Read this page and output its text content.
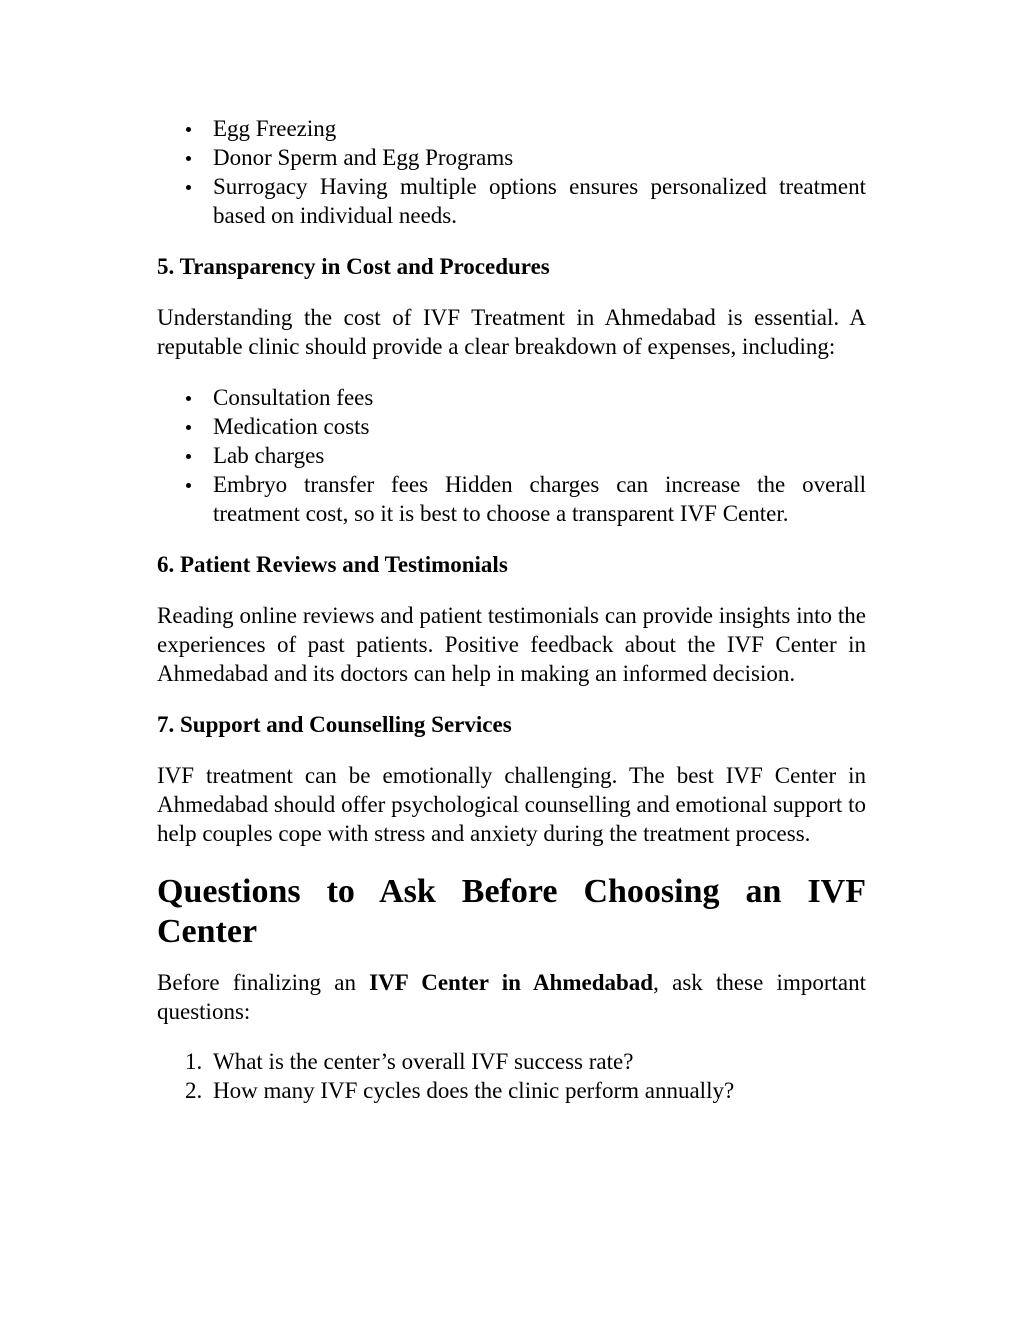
Egg Freezing
Donor Sperm and Egg Programs
Surrogacy Having multiple options ensures personalized treatment based on individual needs.
5. Transparency in Cost and Procedures

Understanding the cost of IVF Treatment in Ahmedabad is essential. A reputable clinic should provide a clear breakdown of expenses, including:

Consultation fees
Medication costs
Lab charges
Embryo transfer fees Hidden charges can increase the overall treatment cost, so it is best to choose a transparent IVF Center.
6. Patient Reviews and Testimonials

Reading online reviews and patient testimonials can provide insights into the experiences of past patients. Positive feedback about the IVF Center in Ahmedabad and its doctors can help in making an informed decision.

7. Support and Counselling Services

IVF treatment can be emotionally challenging. The best IVF Center in Ahmedabad should offer psychological counselling and emotional support to help couples cope with stress and anxiety during the treatment process.

Questions to Ask Before Choosing an IVF Center

Before finalizing an IVF Center in Ahmedabad, ask these important questions:

1. What is the center’s overall IVF success rate?
2. How many IVF cycles does the clinic perform annually?
